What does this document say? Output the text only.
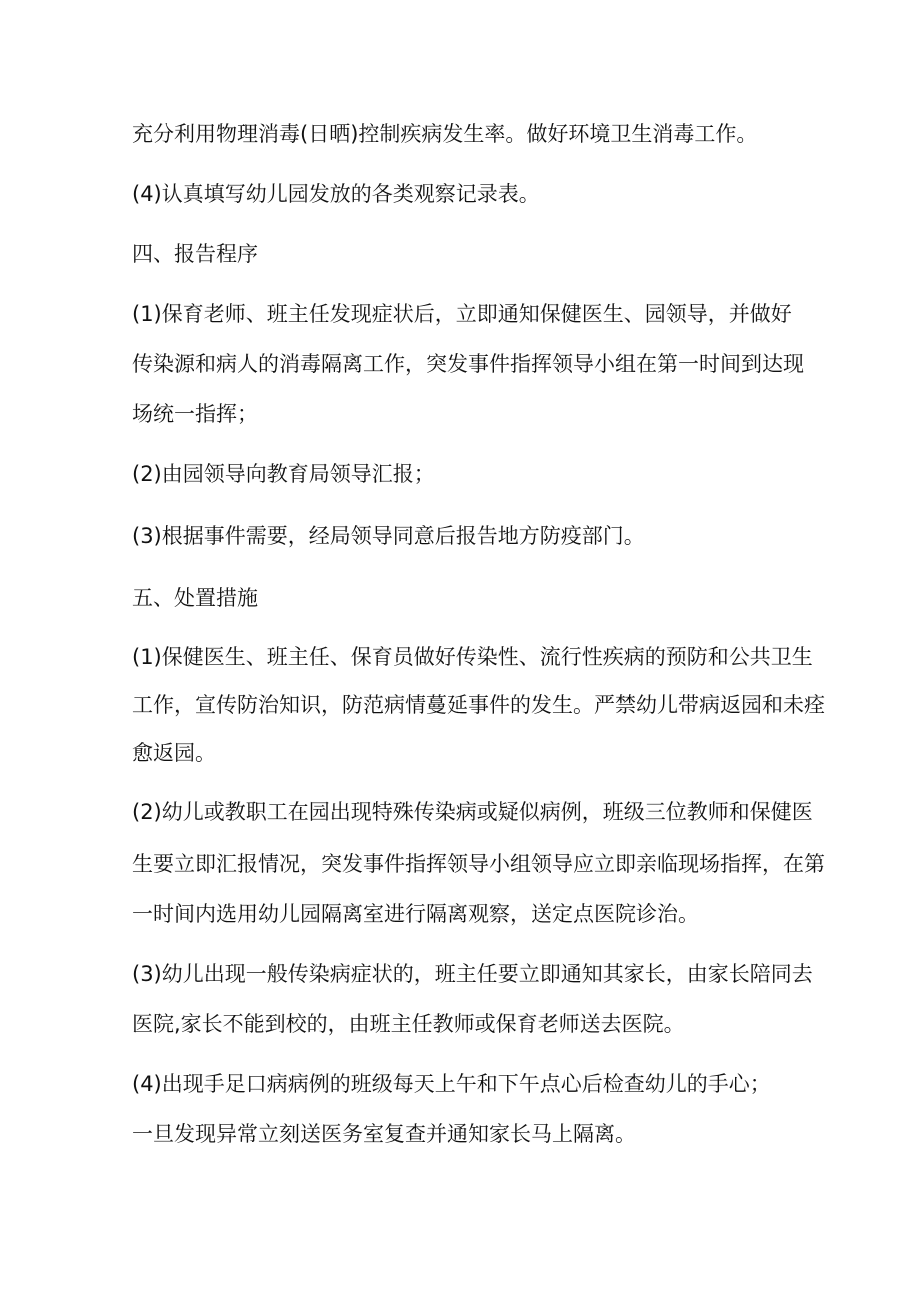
充分利用物理消毒(日晒)控制疾病发生率。做好环境卫生消毒工作。

(4)认真填写幼儿园发放的各类观察记录表。

四、报告程序

(1)保育老师、班主任发现症状后，立即通知保健医生、园领导，并做好

传染源和病人的消毒隔离工作，突发事件指挥领导小组在第一时间到达现

场统一指挥；

(2)由园领导向教育局领导汇报；

(3)根据事件需要，经局领导同意后报告地方防疫部门。

五、处置措施

(1)保健医生、班主任、保育员做好传染性、流行性疾病的预防和公共卫生

工作，宣传防治知识，防范病情蔓延事件的发生。严禁幼儿带病返园和未痊

愈返园。

(2)幼儿或教职工在园出现特殊传染病或疑似病例，班级三位教师和保健医

生要立即汇报情况，突发事件指挥领导小组领导应立即亲临现场指挥，在第

一时间内选用幼儿园隔离室进行隔离观察，送定点医院诊治。

(3)幼儿出现一般传染病症状的，班主任要立即通知其家长，由家长陪同去

医院,家长不能到校的，由班主任教师或保育老师送去医院。

(4)出现手足口病病例的班级每天上午和下午点心后检查幼儿的手心；

一旦发现异常立刻送医务室复查并通知家长马上隔离。
